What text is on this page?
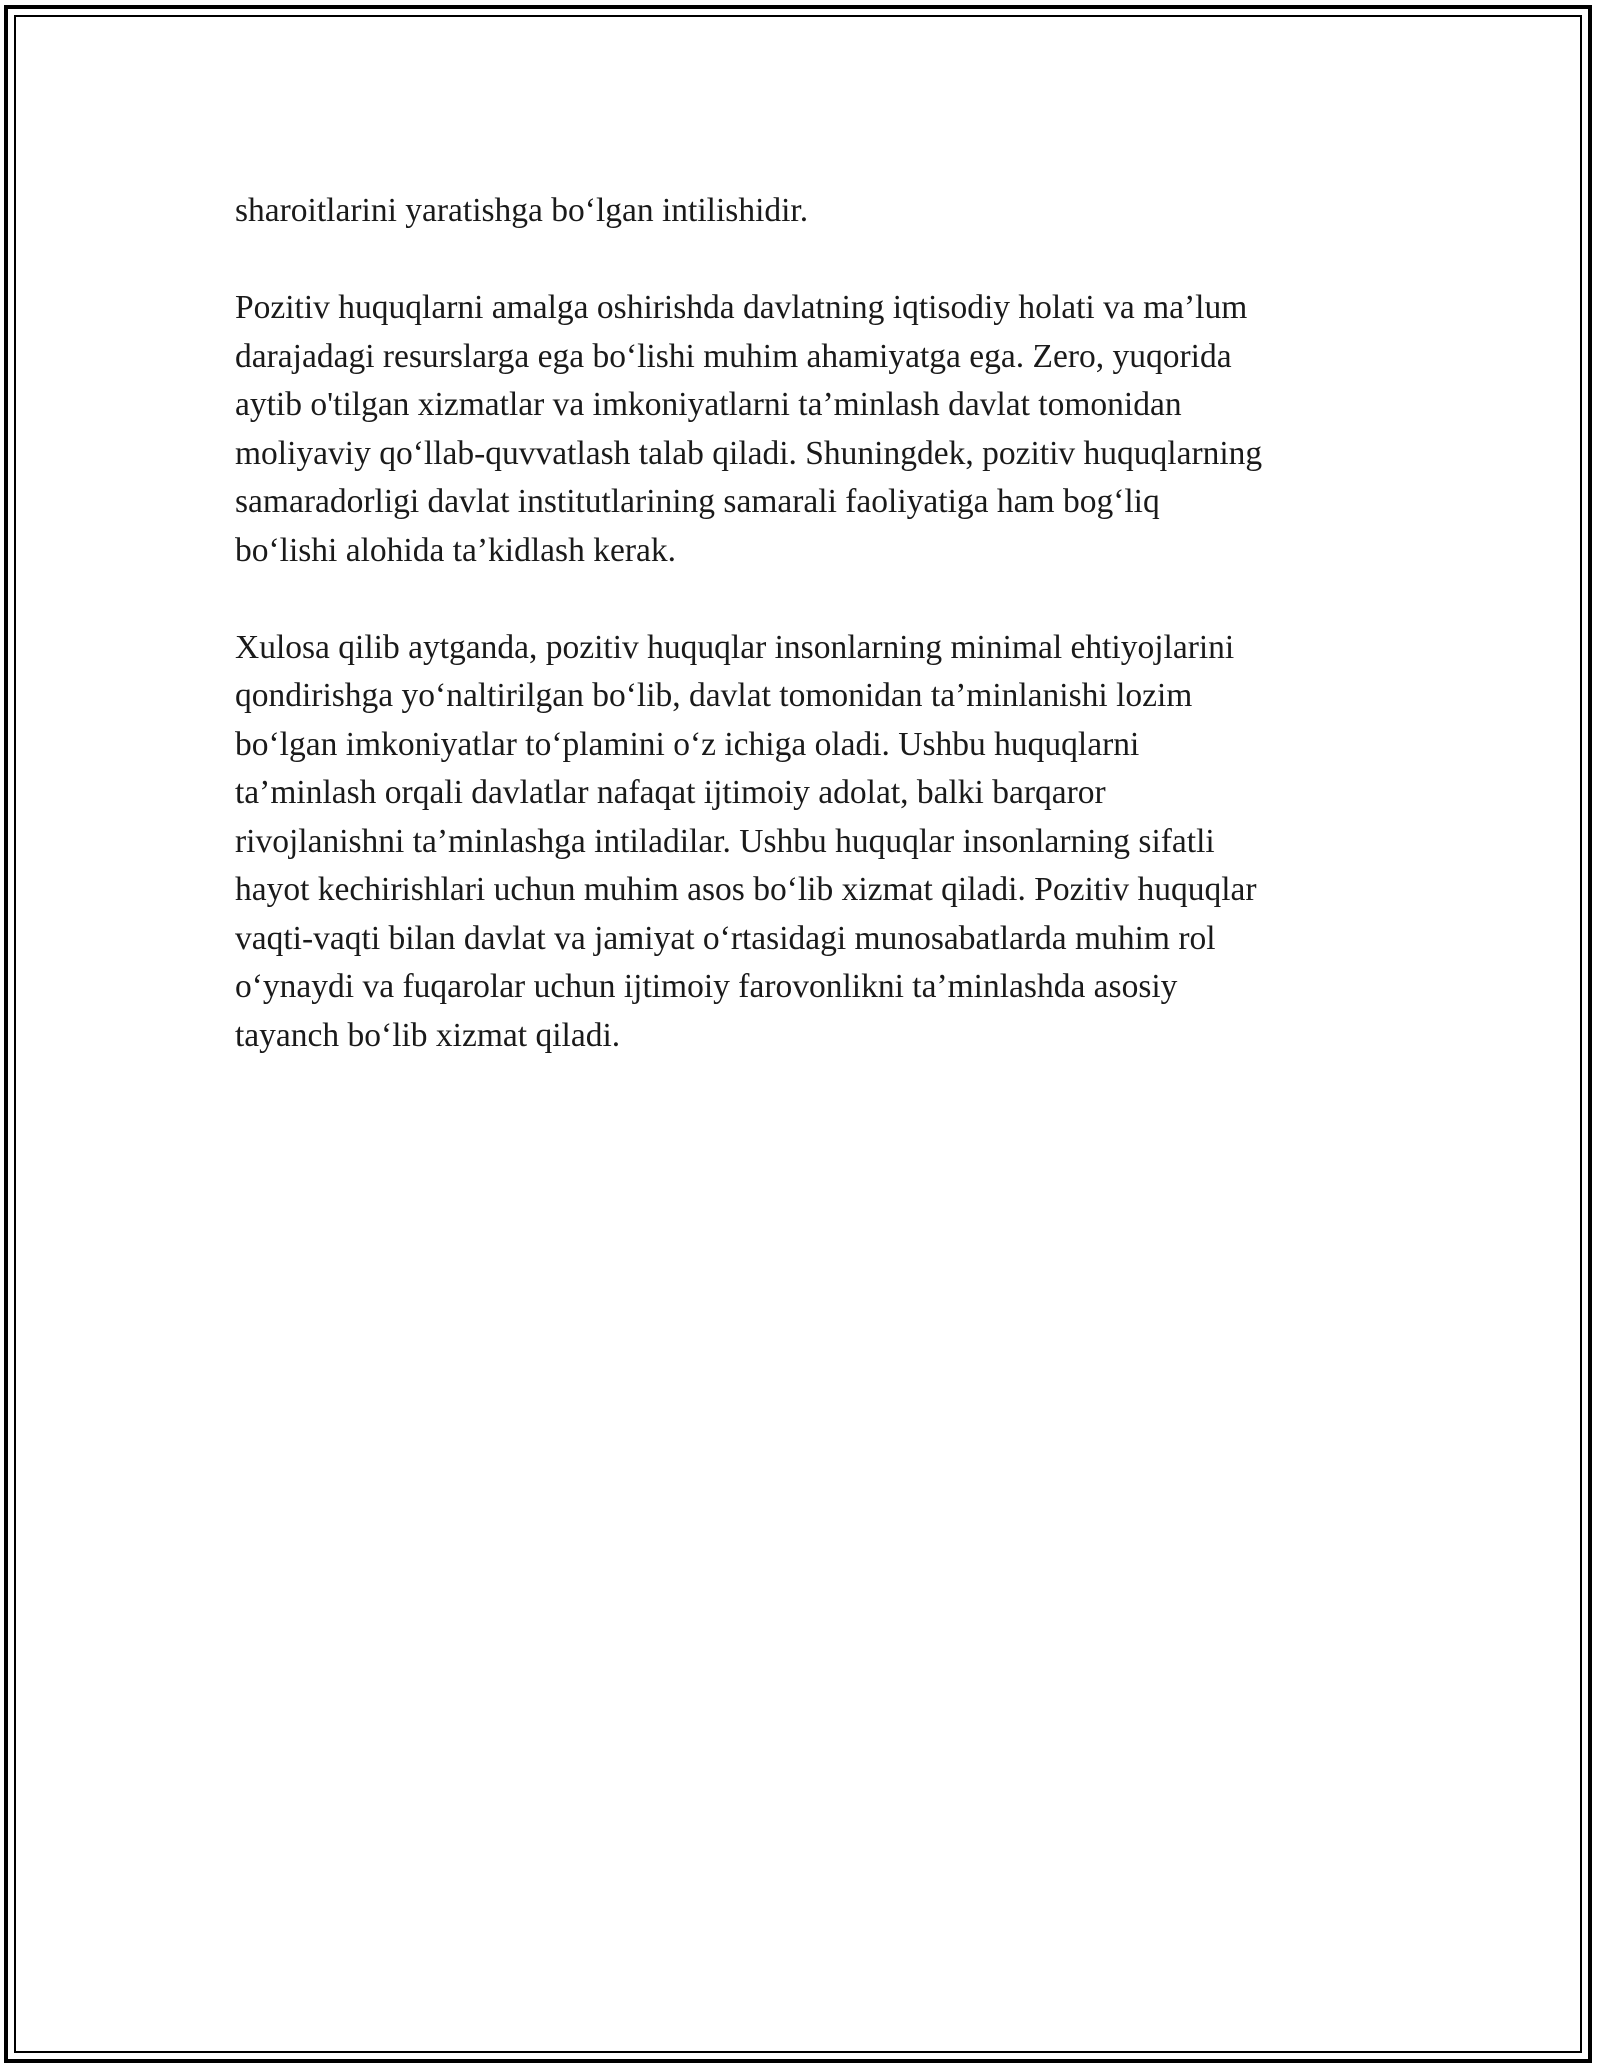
sharoitlarini yaratishga bo‘lgan intilishidir.

Pozitiv huquqlarni amalga oshirishda davlatning iqtisodiy holati va ma’lum
darajadagi resurslarga ega bo‘lishi muhim ahamiyatga ega. Zero, yuqorida
aytib o'tilgan xizmatlar va imkoniyatlarni ta’minlash davlat tomonidan
moliyaviy qo‘llab-quvvatlash talab qiladi. Shuningdek, pozitiv huquqlarning
samaradorligi davlat institutlarining samarali faoliyatiga ham bog‘liq
bo‘lishi alohida ta’kidlash kerak.

Xulosa qilib aytganda, pozitiv huquqlar insonlarning minimal ehtiyojlarini
qondirishga yo‘naltirilgan bo‘lib, davlat tomonidan ta’minlanishi lozim
bo‘lgan imkoniyatlar to‘plamini o‘z ichiga oladi. Ushbu huquqlarni
ta’minlash orqali davlatlar nafaqat ijtimoiy adolat, balki barqaror
rivojlanishni ta’minlashga intiladilar. Ushbu huquqlar insonlarning sifatli
hayot kechirishlari uchun muhim asos bo‘lib xizmat qiladi. Pozitiv huquqlar
vaqti-vaqti bilan davlat va jamiyat o‘rtasidagi munosabatlarda muhim rol
o‘ynaydi va fuqarolar uchun ijtimoiy farovonlikni ta’minlashda asosiy
tayanch bo‘lib xizmat qiladi.
